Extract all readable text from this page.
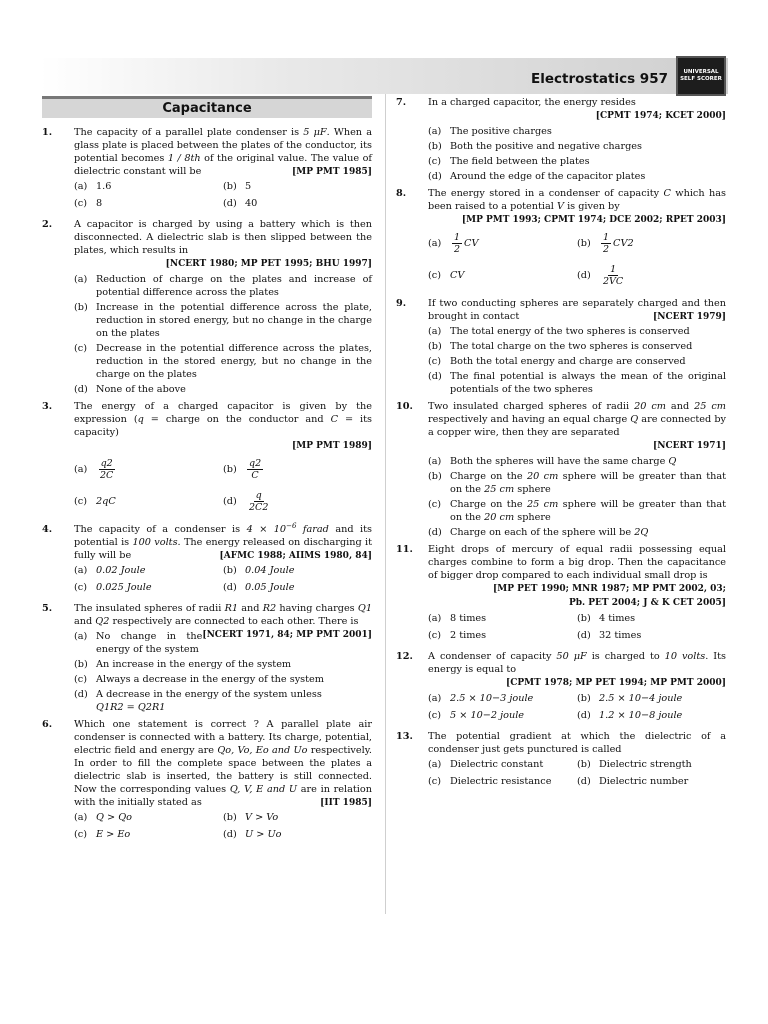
Electrostatics 957	UNIVERSAL
SELF SCORER
Capacitance
1. The capacity of a parallel plate condenser is 5 μF. When a glass plate is placed between the plates of the conductor, its potential becomes 1 / 8th of the original value. The value of dielectric constant will be	[MP PMT 1985]
(a) 1.6	(b) 5
(c) 8	(d) 40
2. A capacitor is charged by using a battery which is then disconnected. A dielectric slab is then slipped between the plates, which results in
[NCERT 1980; MP PET 1995; BHU 1997]
(a) Reduction of charge on the plates and increase of potential difference across the plates
(b) Increase in the potential difference across the plate, reduction in stored energy, but no change in the charge on the plates
(c) Decrease in the potential difference across the plates, reduction in the stored energy, but no change in the charge on the plates
(d) None of the above
3. The energy of a charged capacitor is given by the expression (q = charge on the conductor and C = its capacity)
[MP PMT 1989]
(a)	$\frac{q2}{2C}$	(b)	$\frac{q2}{C}$
(c) 2qC	(d)	$\frac{q}{2C2}$
4. The capacity of a condenser is $4 \times 10^{-6}$ farad and its potential is 100 volts. The energy released on discharging it fully will be	[AFMC 1988; AIIMS 1980, 84]
(a) 0.02 Joule	(b) 0.04 Joule
(c) 0.025 Joule	(d) 0.05 Joule
5. The insulated spheres of radii R1 and R2 having charges Q1 and Q2 respectively are connected to each other. There is
[NCERT 1971, 84; MP PMT 2001]
(a) No change in the energy of the system
(b) An increase in the energy of the system
(c) Always a decrease in the energy of the system
(d) A decrease in the energy of the system unless
Q1R2 = Q2R1
6. Which one statement is correct ? A parallel plate air condenser is connected with a battery. Its charge, potential, electric field and energy are Qo, Vo, Eo and Uo respectively. In order to fill the complete space between the plates a dielectric slab is inserted, the battery is still connected. Now the corresponding values Q, V, E and U are in relation with the initially stated as	[IIT 1985]
(a) Q > Qo	(b) V > Vo
(c) E > Eo	(d) U > Uo
7. In a charged capacitor, the energy resides
[CPMT 1974; KCET 2000]
(a) The positive charges
(b) Both the positive and negative charges
(c) The field between the plates
(d) Around the edge of the capacitor plates
8. The energy stored in a condenser of capacity C which has been raised to a potential V is given by
[MP PMT 1993; CPMT 1974; DCE 2002; RPET 2003]
(a)	$\frac{1}{2}$ CV	(b)	$\frac{1}{2} CV2$
(c) CV	(d)	$\frac{1}{2VC}$
9. If two conducting spheres are separately charged and then brought in contact	[NCERT 1979]
(a) The total energy of the two spheres is conserved
(b) The total charge on the two spheres is conserved
(c) Both the total energy and charge are conserved
(d) The final potential is always the mean of the original potentials of the two spheres
10. Two insulated charged spheres of radii 20 cm and 25 cm respectively and having an equal charge Q are connected by a copper wire, then they are separated
[NCERT 1971]
(a) Both the spheres will have the same charge Q
(b) Charge on the 20 cm sphere will be greater than that on the 25 cm sphere
(c) Charge on the 25 cm sphere will be greater than that on the 20 cm sphere
(d) Charge on each of the sphere will be 2Q
11. Eight drops of mercury of equal radii possessing equal charges combine to form a big drop. Then the capacitance of bigger drop compared to each individual small drop is
[MP PET 1990; MNR 1987; MP PMT 2002, 03;
Pb. PET 2004; J & K CET 2005]
(a) 8 times	(b) 4 times
(c) 2 times	(d) 32 times
12. A condenser of capacity 50 μF is charged to 10 volts. Its energy is equal to
[CPMT 1978; MP PET 1994; MP PMT 2000]
(a) 2.5 × 10−3 joule	(b) 2.5 × 10−4 joule
(c) 5 × 10−2 joule	(d) 1.2 × 10−8 joule
13. The potential gradient at which the dielectric of a condenser just gets punctured is called
(a) Dielectric constant	(b) Dielectric strength
(c) Dielectric resistance	(d) Dielectric number
